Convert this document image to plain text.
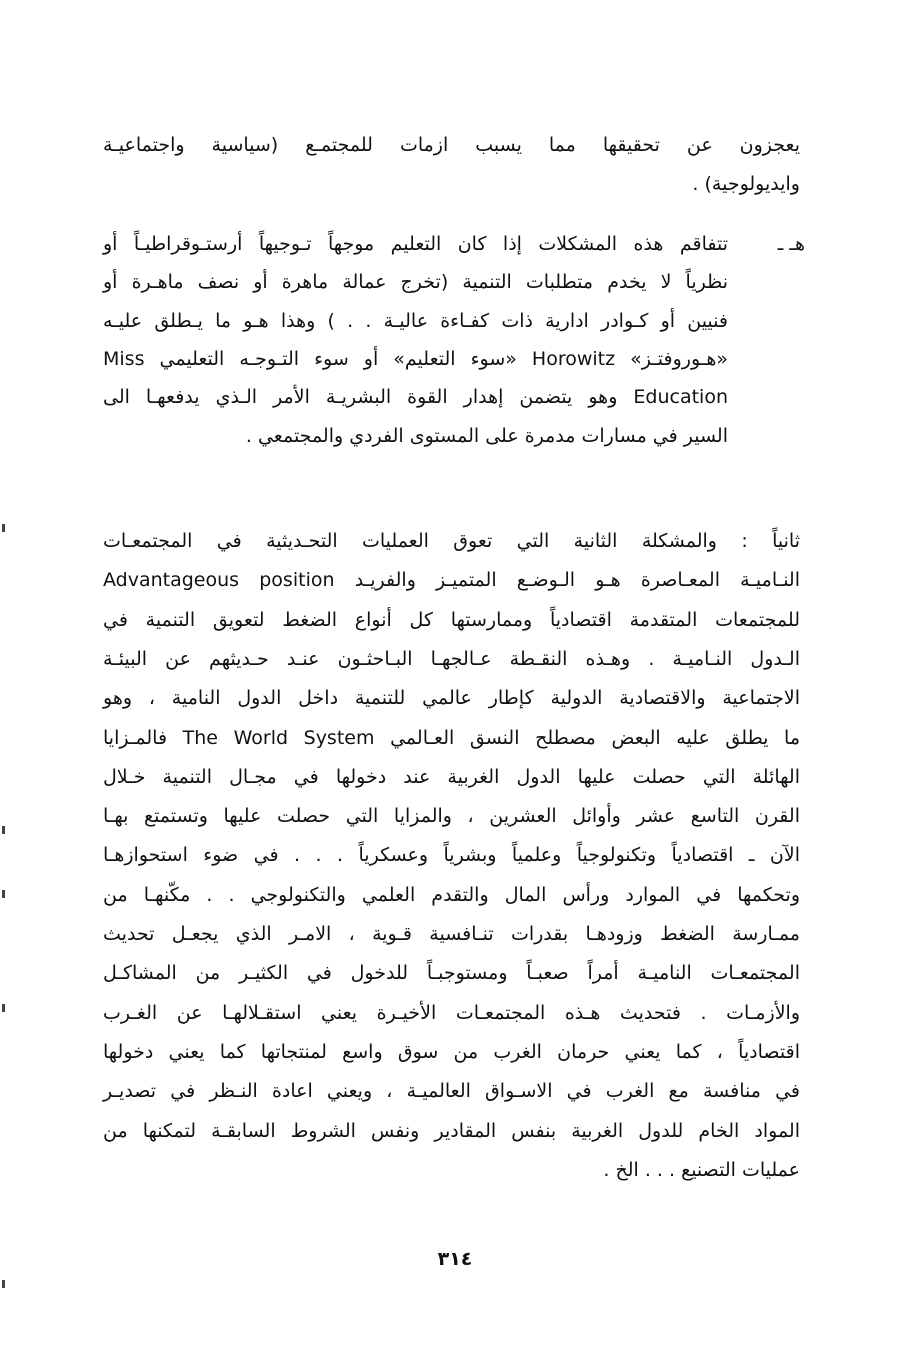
يعجزون عن تحقيقها مما يسبب ازمات للمجتمـع (سياسية واجتماعيـة
وايديولوجية) .
هـ ـ
تتفاقم هذه المشكلات إذا كان التعليم موجهاً تـوجيهاً أرستـوقراطيـاً أو
نظرياً لا يخدم متطلبات التنمية (تخرج عمالة ماهرة أو نصف ماهـرة أو
فنيين أو كـوادر ادارية ذات كفـاءة عاليـة . . ) وهذا هـو ما يـطلق عليـه
«هـوروفتـز» Horowitz «سوء التعليم» أو سوء التـوجـه التعليمي Miss
Education وهو يتضمن إهدار القوة البشريـة الأمر الـذي يدفعهـا الى
السير في مسارات مدمرة على المستوى الفردي والمجتمعي .
ثانياً : والمشكلة الثانية التي تعوق العمليات التحـديثية في المجتمعـات
النـاميـة المعـاصرة هـو الـوضـع المتميـز والفريـد Advantageous position
للمجتمعات المتقدمة اقتصادياً وممارستها كل أنواع الضغط لتعويق التنمية في
الـدول النـاميـة . وهـذه النقـطة عـالجهـا البـاحثـون عنـد حـديثهم عن البيئـة
الاجتماعية والاقتصادية الدولية كإطار عالمي للتنمية داخل الدول النامية ، وهو
ما يطلق عليه البعض مصطلح النسق العـالمي The World System فالمـزايا
الهائلة التي حصلت عليها الدول الغربية عند دخولها في مجـال التنمية خـلال
القرن التاسع عشر وأوائل العشرين ، والمزايا التي حصلت عليها وتستمتع بهـا
الآن ـ اقتصادياً وتكنولوجياً وعلمياً وبشرياً وعسكرياً . . . في ضوء استحوازهـا
وتحكمها في الموارد ورأس المال والتقدم العلمي والتكنولوجي . . مكّنهـا من
ممـارسة الضغط وزودهـا بقدرات تنـافسية قـوية ، الامـر الذي يجعـل تحديث
المجتمعـات الناميـة أمراً صعبـاً ومستوجبـاً للدخول في الكثيـر من المشاكـل
والأزمـات . فتحديث هـذه المجتمعـات الأخيـرة يعني استقـلالهـا عن الغـرب
اقتصادياً ، كما يعني حرمان الغرب من سوق واسع لمنتجاتها كما يعني دخولها
في منافسة مع الغرب في الاسـواق العالميـة ، ويعني اعادة النـظر في تصديـر
المواد الخام للدول الغربية بنفس المقادير ونفس الشروط السابقـة لتمكنها من
عمليات التصنيع . . . الخ .
٣١٤
